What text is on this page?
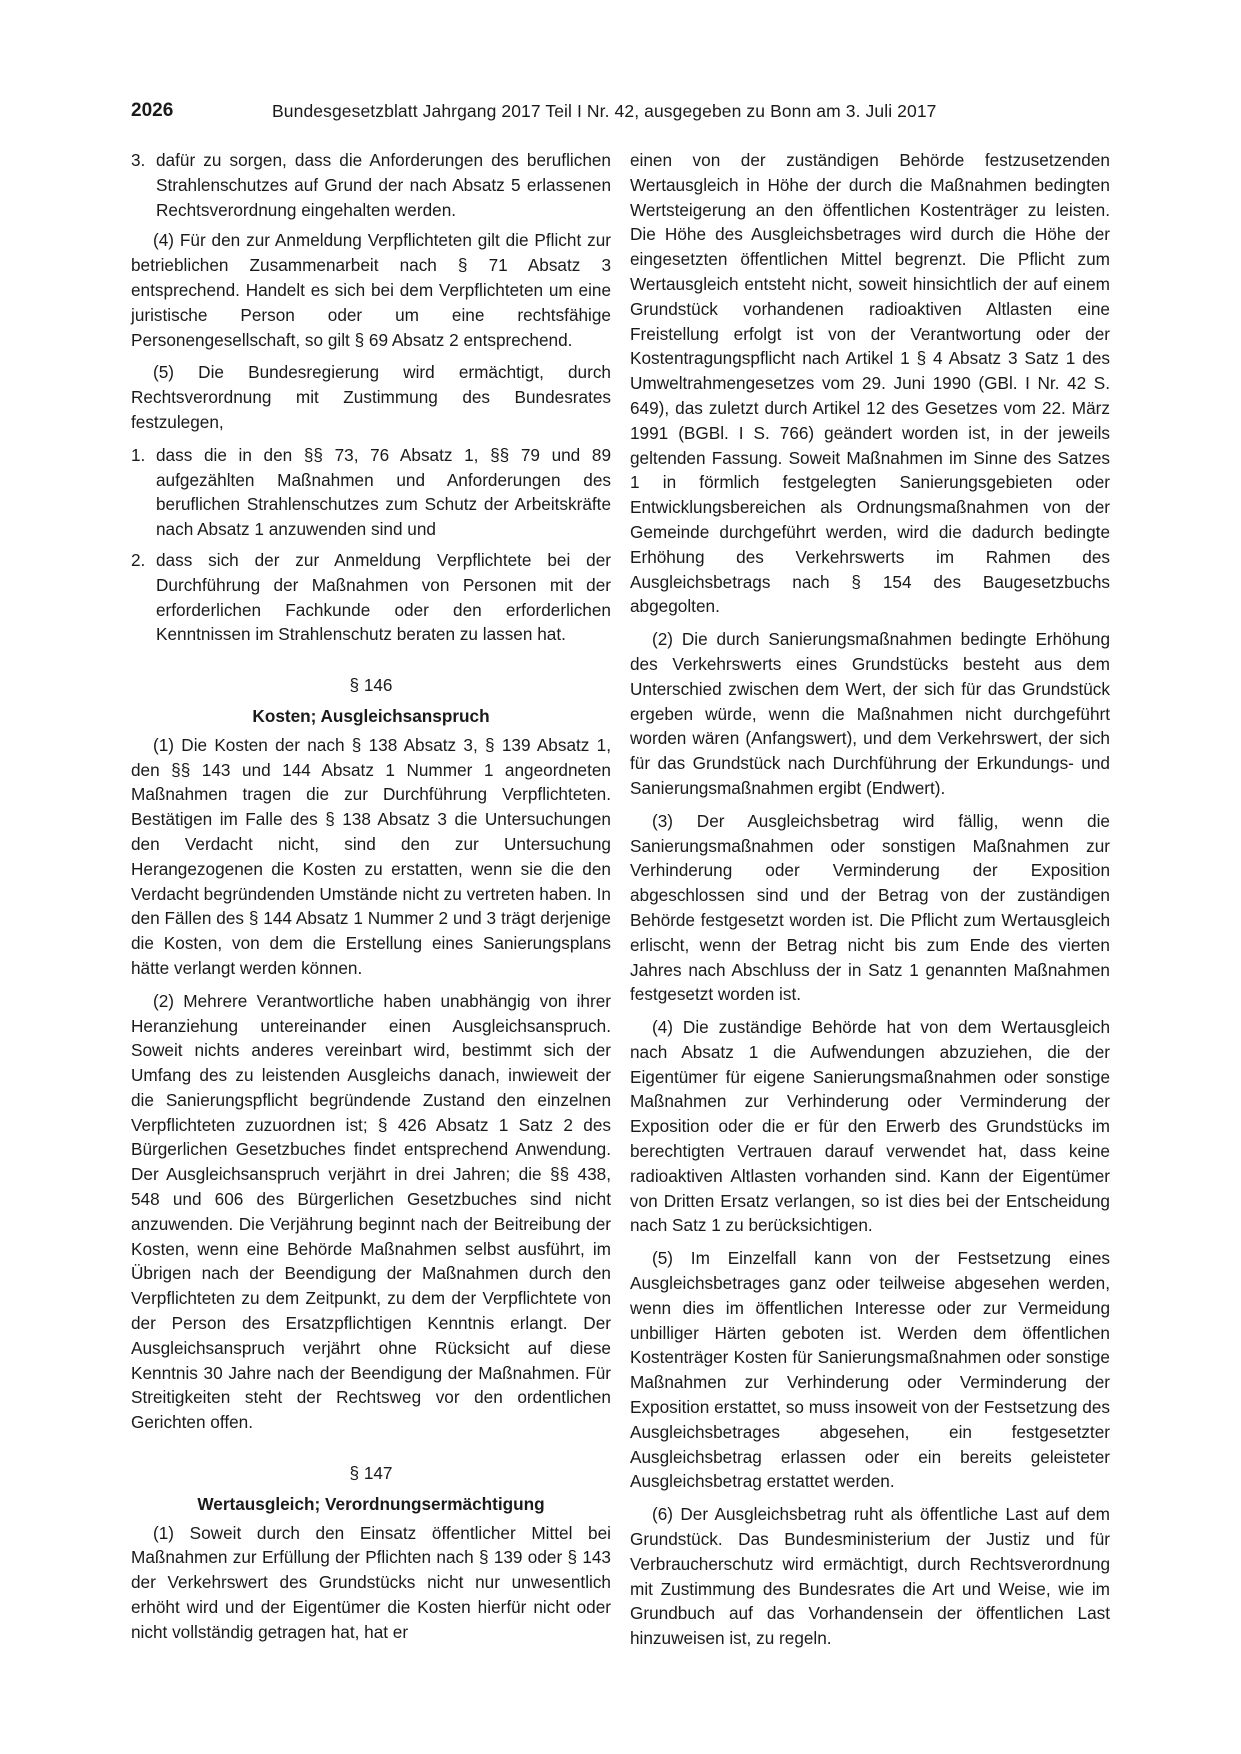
2026	Bundesgesetzblatt Jahrgang 2017 Teil I Nr. 42, ausgegeben zu Bonn am 3. Juli 2017
3. dafür zu sorgen, dass die Anforderungen des beruflichen Strahlenschutzes auf Grund der nach Absatz 5 erlassenen Rechtsverordnung eingehalten werden.

(4) Für den zur Anmeldung Verpflichteten gilt die Pflicht zur betrieblichen Zusammenarbeit nach § 71 Absatz 3 entsprechend. Handelt es sich bei dem Verpflichteten um eine juristische Person oder um eine rechtsfähige Personengesellschaft, so gilt § 69 Absatz 2 entsprechend.

(5) Die Bundesregierung wird ermächtigt, durch Rechtsverordnung mit Zustimmung des Bundesrates festzulegen,

1. dass die in den §§ 73, 76 Absatz 1, §§ 79 und 89 aufgezählten Maßnahmen und Anforderungen des beruflichen Strahlenschutzes zum Schutz der Arbeitskräfte nach Absatz 1 anzuwenden sind und
2. dass sich der zur Anmeldung Verpflichtete bei der Durchführung der Maßnahmen von Personen mit der erforderlichen Fachkunde oder den erforderlichen Kenntnissen im Strahlenschutz beraten zu lassen hat.
§ 146
Kosten; Ausgleichsanspruch

(1) Die Kosten der nach § 138 Absatz 3, § 139 Absatz 1, den §§ 143 und 144 Absatz 1 Nummer 1 angeordneten Maßnahmen tragen die zur Durchführung Verpflichteten. Bestätigen im Falle des § 138 Absatz 3 die Untersuchungen den Verdacht nicht, sind den zur Untersuchung Herangezogenen die Kosten zu erstatten, wenn sie die den Verdacht begründenden Umstände nicht zu vertreten haben. In den Fällen des § 144 Absatz 1 Nummer 2 und 3 trägt derjenige die Kosten, von dem die Erstellung eines Sanierungsplans hätte verlangt werden können.

(2) Mehrere Verantwortliche haben unabhängig von ihrer Heranziehung untereinander einen Ausgleichsanspruch. Soweit nichts anderes vereinbart wird, bestimmt sich der Umfang des zu leistenden Ausgleichs danach, inwieweit der die Sanierungspflicht begründende Zustand den einzelnen Verpflichteten zuzuordnen ist; § 426 Absatz 1 Satz 2 des Bürgerlichen Gesetzbuches findet entsprechend Anwendung. Der Ausgleichsanspruch verjährt in drei Jahren; die §§ 438, 548 und 606 des Bürgerlichen Gesetzbuches sind nicht anzuwenden. Die Verjährung beginnt nach der Beitreibung der Kosten, wenn eine Behörde Maßnahmen selbst ausführt, im Übrigen nach der Beendigung der Maßnahmen durch den Verpflichteten zu dem Zeitpunkt, zu dem der Verpflichtete von der Person des Ersatzpflichtigen Kenntnis erlangt. Der Ausgleichsanspruch verjährt ohne Rücksicht auf diese Kenntnis 30 Jahre nach der Beendigung der Maßnahmen. Für Streitigkeiten steht der Rechtsweg vor den ordentlichen Gerichten offen.

§ 147
Wertausgleich; Verordnungsermächtigung

(1) Soweit durch den Einsatz öffentlicher Mittel bei Maßnahmen zur Erfüllung der Pflichten nach § 139 oder § 143 der Verkehrswert des Grundstücks nicht nur unwesentlich erhöht wird und der Eigentümer die Kosten hierfür nicht oder nicht vollständig getragen hat, hat er

einen von der zuständigen Behörde festzusetzenden Wertausgleich in Höhe der durch die Maßnahmen bedingten Wertsteigerung an den öffentlichen Kostenträger zu leisten. Die Höhe des Ausgleichsbetrages wird durch die Höhe der eingesetzten öffentlichen Mittel begrenzt. Die Pflicht zum Wertausgleich entsteht nicht, soweit hinsichtlich der auf einem Grundstück vorhandenen radioaktiven Altlasten eine Freistellung erfolgt ist von der Verantwortung oder der Kostentragungspflicht nach Artikel 1 § 4 Absatz 3 Satz 1 des Umweltrahmengesetzes vom 29. Juni 1990 (GBl. I Nr. 42 S. 649), das zuletzt durch Artikel 12 des Gesetzes vom 22. März 1991 (BGBl. I S. 766) geändert worden ist, in der jeweils geltenden Fassung. Soweit Maßnahmen im Sinne des Satzes 1 in förmlich festgelegten Sanierungsgebieten oder Entwicklungsbereichen als Ordnungsmaßnahmen von der Gemeinde durchgeführt werden, wird die dadurch bedingte Erhöhung des Verkehrswerts im Rahmen des Ausgleichsbetrags nach § 154 des Baugesetzbuchs abgegolten.

(2) Die durch Sanierungsmaßnahmen bedingte Erhöhung des Verkehrswerts eines Grundstücks besteht aus dem Unterschied zwischen dem Wert, der sich für das Grundstück ergeben würde, wenn die Maßnahmen nicht durchgeführt worden wären (Anfangswert), und dem Verkehrswert, der sich für das Grundstück nach Durchführung der Erkundungs- und Sanierungsmaßnahmen ergibt (Endwert).

(3) Der Ausgleichsbetrag wird fällig, wenn die Sanierungsmaßnahmen oder sonstigen Maßnahmen zur Verhinderung oder Verminderung der Exposition abgeschlossen sind und der Betrag von der zuständigen Behörde festgesetzt worden ist. Die Pflicht zum Wertausgleich erlischt, wenn der Betrag nicht bis zum Ende des vierten Jahres nach Abschluss der in Satz 1 genannten Maßnahmen festgesetzt worden ist.

(4) Die zuständige Behörde hat von dem Wertausgleich nach Absatz 1 die Aufwendungen abzuziehen, die der Eigentümer für eigene Sanierungsmaßnahmen oder sonstige Maßnahmen zur Verhinderung oder Verminderung der Exposition oder die er für den Erwerb des Grundstücks im berechtigten Vertrauen darauf verwendet hat, dass keine radioaktiven Altlasten vorhanden sind. Kann der Eigentümer von Dritten Ersatz verlangen, so ist dies bei der Entscheidung nach Satz 1 zu berücksichtigen.

(5) Im Einzelfall kann von der Festsetzung eines Ausgleichsbetrages ganz oder teilweise abgesehen werden, wenn dies im öffentlichen Interesse oder zur Vermeidung unbilliger Härten geboten ist. Werden dem öffentlichen Kostenträger Kosten für Sanierungsmaßnahmen oder sonstige Maßnahmen zur Verhinderung oder Verminderung der Exposition erstattet, so muss insoweit von der Festsetzung des Ausgleichsbetrages abgesehen, ein festgesetzter Ausgleichsbetrag erlassen oder ein bereits geleisteter Ausgleichsbetrag erstattet werden.

(6) Der Ausgleichsbetrag ruht als öffentliche Last auf dem Grundstück. Das Bundesministerium der Justiz und für Verbraucherschutz wird ermächtigt, durch Rechtsverordnung mit Zustimmung des Bundesrates die Art und Weise, wie im Grundbuch auf das Vorhandensein der öffentlichen Last hinzuweisen ist, zu regeln.
